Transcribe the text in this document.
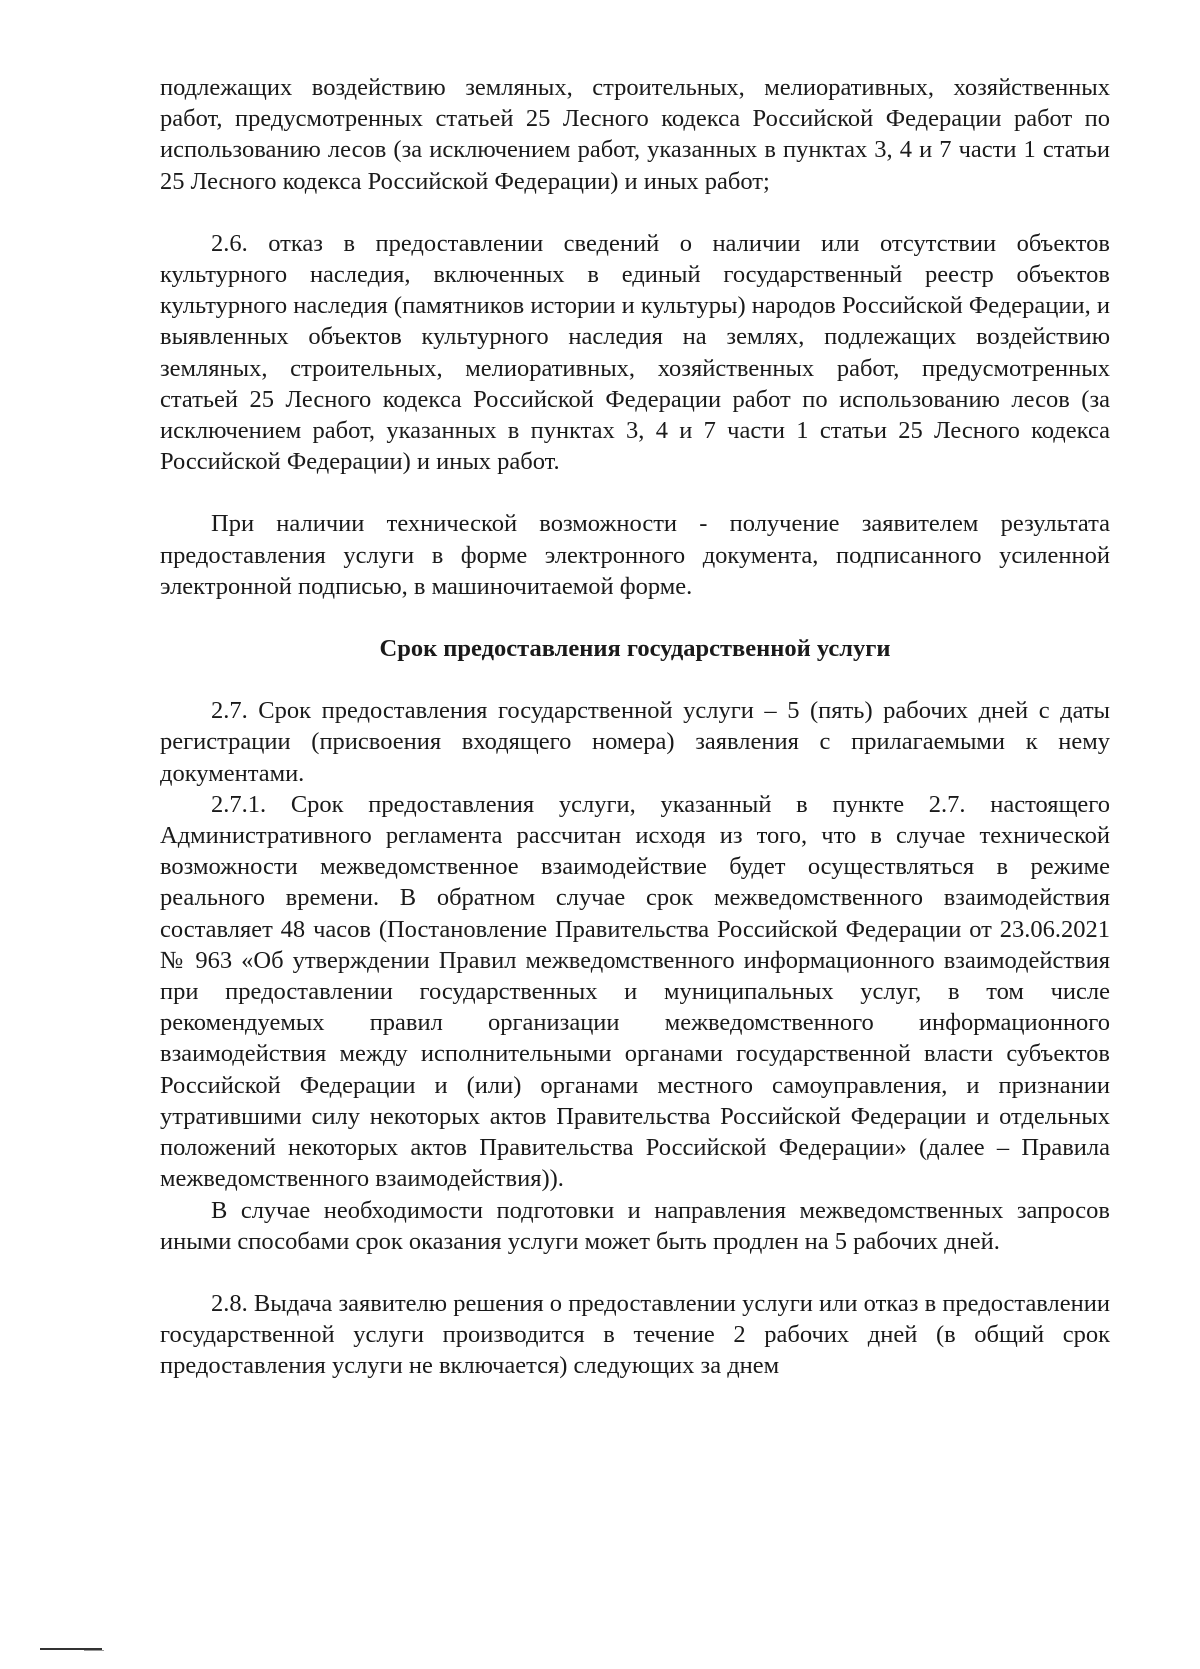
подлежащих воздействию земляных, строительных, мелиоративных, хозяйственных работ, предусмотренных статьей 25 Лесного кодекса Российской Федерации работ по использованию лесов (за исключением работ, указанных в пунктах 3, 4 и 7 части 1 статьи 25 Лесного кодекса Российской Федерации) и иных работ;

2.6. отказ в предоставлении сведений о наличии или отсутствии объектов культурного наследия, включенных в единый государственный реестр объектов культурного наследия (памятников истории и культуры) народов Российской Федерации, и выявленных объектов культурного наследия на землях, подлежащих воздействию земляных, строительных, мелиоративных, хозяйственных работ, предусмотренных статьей 25 Лесного кодекса Российской Федерации работ по использованию лесов (за исключением работ, указанных в пунктах 3, 4 и 7 части 1 статьи 25 Лесного кодекса Российской Федерации) и иных работ.

При наличии технической возможности - получение заявителем результата предоставления услуги в форме электронного документа, подписанного усиленной электронной подписью, в машиночитаемой форме.

Срок предоставления государственной услуги

2.7. Срок предоставления государственной услуги – 5 (пять) рабочих дней с даты регистрации (присвоения входящего номера) заявления с прилагаемыми к нему документами.

2.7.1. Срок предоставления услуги, указанный в пункте 2.7. настоящего Административного регламента рассчитан исходя из того, что в случае технической возможности межведомственное взаимодействие будет осуществляться в режиме реального времени. В обратном случае срок межведомственного взаимодействия составляет 48 часов (Постановление Правительства Российской Федерации от 23.06.2021 № 963 «Об утверждении Правил межведомственного информационного взаимодействия при предоставлении государственных и муниципальных услуг, в том числе рекомендуемых правил организации межведомственного информационного взаимодействия между исполнительными органами государственной власти субъектов Российской Федерации и (или) органами местного самоуправления, и признании утратившими силу некоторых актов Правительства Российской Федерации и отдельных положений некоторых актов Правительства Российской Федерации» (далее – Правила межведомственного взаимодействия)).

В случае необходимости подготовки и направления межведомственных запросов иными способами срок оказания услуги может быть продлен на 5 рабочих дней.

2.8. Выдача заявителю решения о предоставлении услуги или отказ в предоставлении государственной услуги производится в течение 2 рабочих дней (в общий срок предоставления услуги не включается) следующих за днем
